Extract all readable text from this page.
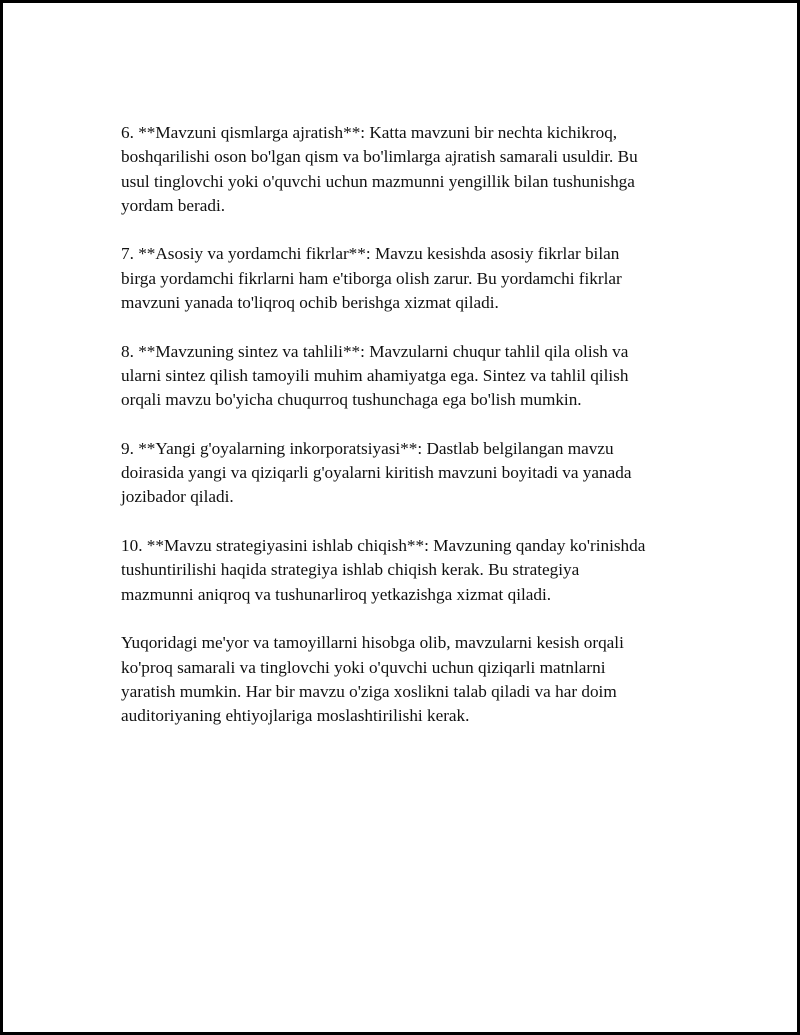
6. **Mavzuni qismlarga ajratish**: Katta mavzuni bir nechta kichikroq,
boshqarilishi oson bo'lgan qism va bo'limlarga ajratish samarali usuldir. Bu
usul tinglovchi yoki o'quvchi uchun mazmunni yengillik bilan tushunishga
yordam beradi.

7. **Asosiy va yordamchi fikrlar**: Mavzu kesishda asosiy fikrlar bilan
birga yordamchi fikrlarni ham e'tiborga olish zarur. Bu yordamchi fikrlar
mavzuni yanada to'liqroq ochib berishga xizmat qiladi.

8. **Mavzuning sintez va tahlili**: Mavzularni chuqur tahlil qila olish va
ularni sintez qilish tamoyili muhim ahamiyatga ega. Sintez va tahlil qilish
orqali mavzu bo'yicha chuqurroq tushunchaga ega bo'lish mumkin.

9. **Yangi g'oyalarning inkorporatsiyasi**: Dastlab belgilangan mavzu
doirasida yangi va qiziqarli g'oyalarni kiritish mavzuni boyitadi va yanada
jozibador qiladi.

10. **Mavzu strategiyasini ishlab chiqish**: Mavzuning qanday ko'rinishda
tushuntirilishi haqida strategiya ishlab chiqish kerak. Bu strategiya
mazmunni aniqroq va tushunarliroq yetkazishga xizmat qiladi.

Yuqoridagi me'yor va tamoyillarni hisobga olib, mavzularni kesish orqali
ko'proq samarali va tinglovchi yoki o'quvchi uchun qiziqarli matnlarni
yaratish mumkin. Har bir mavzu o'ziga xoslikni talab qiladi va har doim
auditoriyaning ehtiyojlariga moslashtirilishi kerak.
